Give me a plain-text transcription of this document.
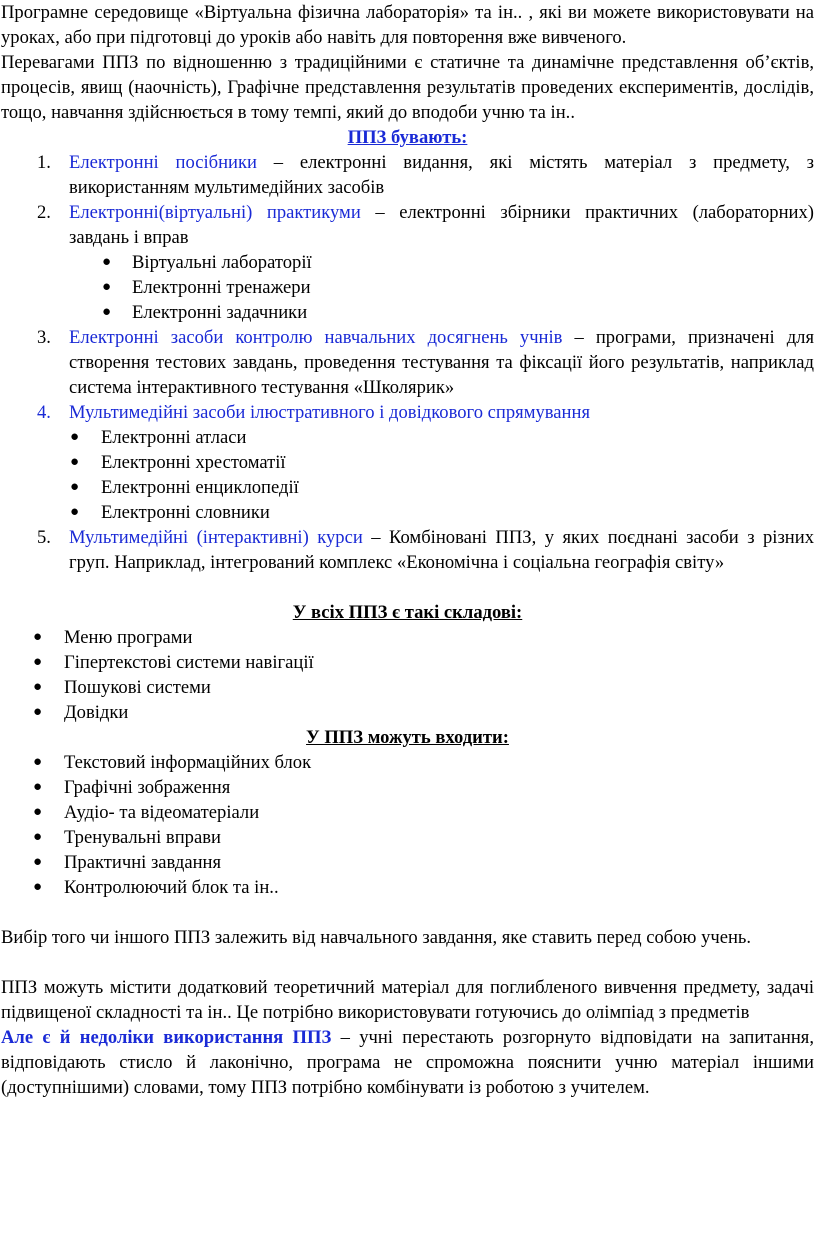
Програмне середовище «Віртуальна фізична лабораторія» та ін.. , які ви можете використовувати на уроках, або при підготовці до уроків або навіть для повторення вже вивченого.

Перевагами ППЗ по відношенню з традиційними є статичне та динамічне представлення об’єктів, процесів, явищ (наочність), Графічне представлення результатів проведених експериментів, дослідів, тощо, навчання здійснюється в тому темпі, який до вподоби учню та ін..

ППЗ бувають:
1. Електронні посібники – електронні видання, які містять матеріал з предмету, з використанням мультимедійних засобів

2. Електронні(віртуальні) практикуми – електронні збірники практичних (лабораторних) завдань і вправ

● Віртуальні лабораторії
● Електронні тренажери
● Електронні задачники
3. Електронні засоби контролю навчальних досягнень учнів – програми, призначені для створення тестових завдань, проведення тестування та фіксації його результатів, наприклад система інтерактивного тестування «Школярик»

4. Мультимедійні засоби ілюстративного і довідкового спрямування

● Електронні атласи
● Електронні хрестоматії
● Електронні енциклопедії
● Електронні словники
5. Мультимедійні (інтерактивні) курси – Комбіновані ППЗ, у яких поєднані засоби з різних груп. Наприклад, інтегрований комплекс «Економічна і соціальна географія світу»

У всіх ППЗ є такі складові:
● Меню програми
● Гіпертекстові системи навігації
● Пошукові системи
● Довідки
У ППЗ можуть входити:
● Текстовий інформаційних блок
● Графічні зображення
● Аудіо- та відеоматеріали
● Тренувальні вправи
● Практичні завдання
● Контролюючий блок та ін..

Вибір того чи іншого ППЗ залежить від навчального завдання, яке ставить перед собою учень.

ППЗ можуть містити додатковий теоретичний матеріал для поглибленого вивчення предмету, задачі підвищеної складності та ін.. Це потрібно використовувати готуючись до олімпіад з предметів

Але є й недоліки використання ППЗ – учні перестають розгорнуто відповідати на запитання, відповідають стисло й лаконічно, програма не спроможна пояснити учню матеріал іншими (доступнішими) словами, тому ППЗ потрібно комбінувати із роботою з учителем.
